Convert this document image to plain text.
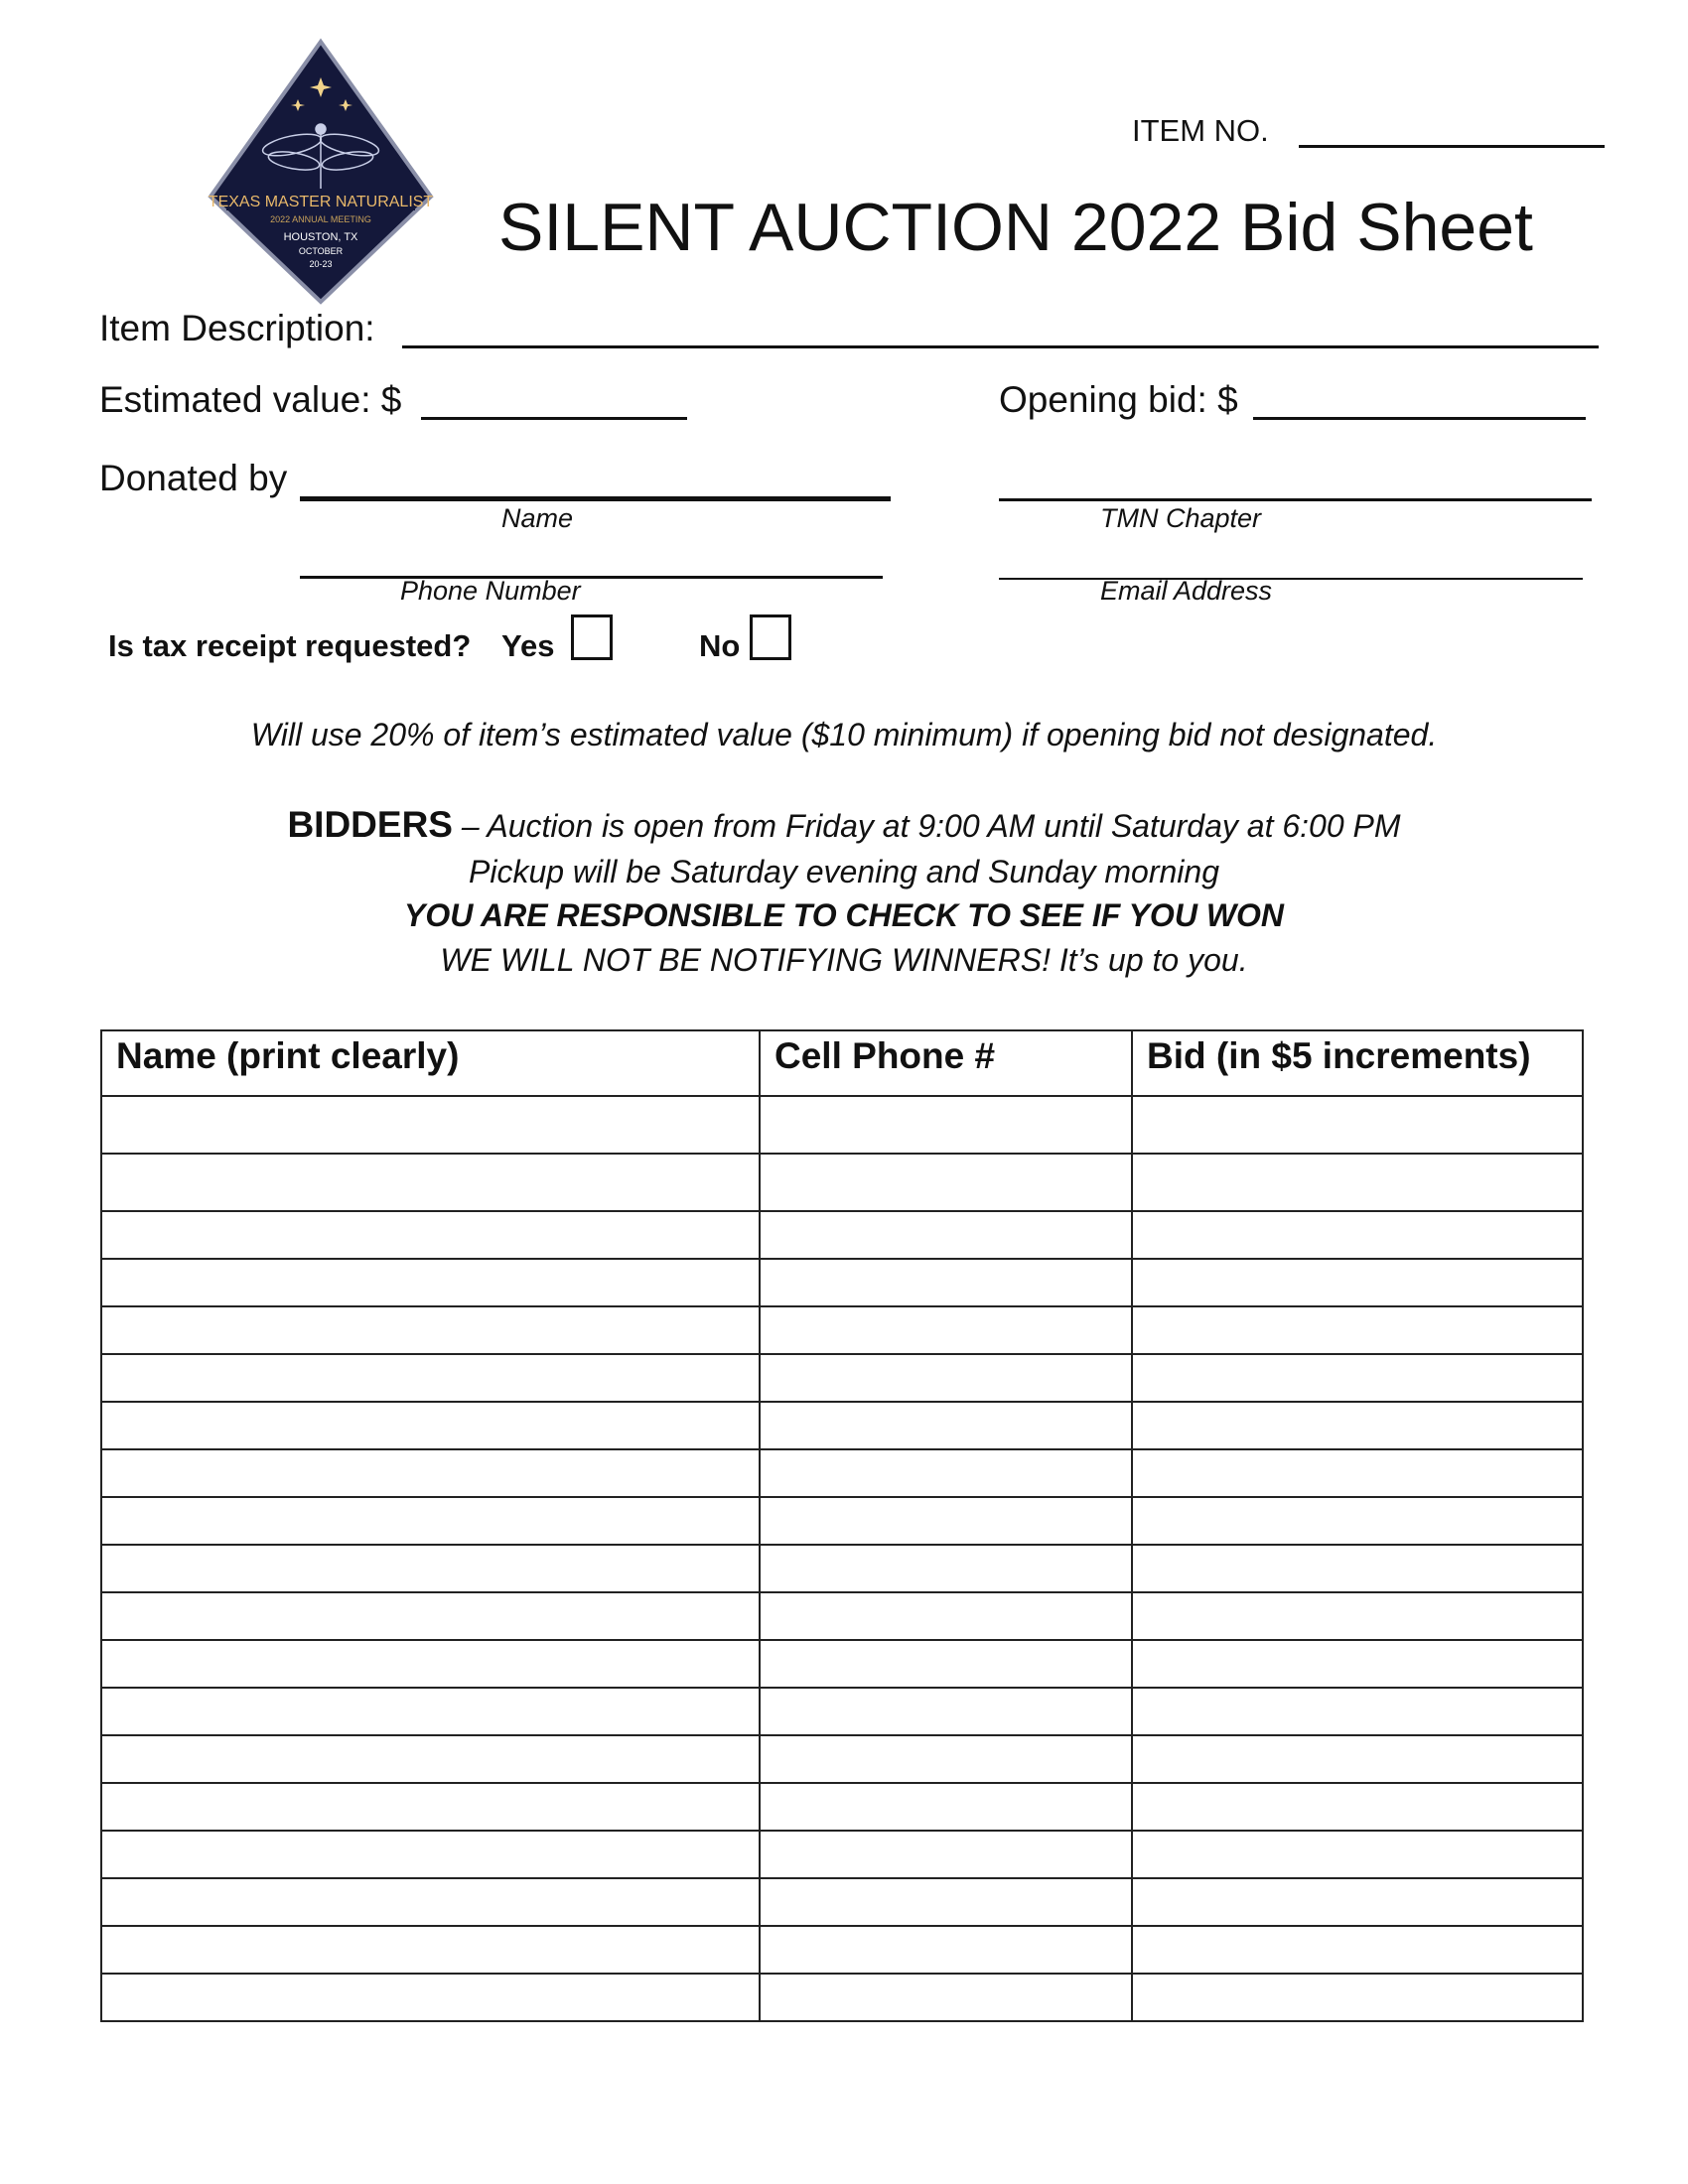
TEXAS MASTER NATURALIST
2022 ANNUAL MEETING
HOUSTON, TX
OCTOBER
20-23
ITEM NO.
SILENT AUCTION 2022 Bid Sheet
Item Description:
Estimated value: $	Opening bid: $
Donated by
Name	TMN Chapter
Phone Number	Email Address
Is tax receipt requested? Yes	No
Will use 20% of item’s estimated value ($10 minimum) if opening bid not designated.
BIDDERS – Auction is open from Friday at 9:00 AM until Saturday at 6:00 PM
Pickup will be Saturday evening and Sunday morning
YOU ARE RESPONSIBLE TO CHECK TO SEE IF YOU WON
WE WILL NOT BE NOTIFYING WINNERS! It’s up to you.
Name (print clearly)	Cell Phone #	Bid (in $5 increments)
